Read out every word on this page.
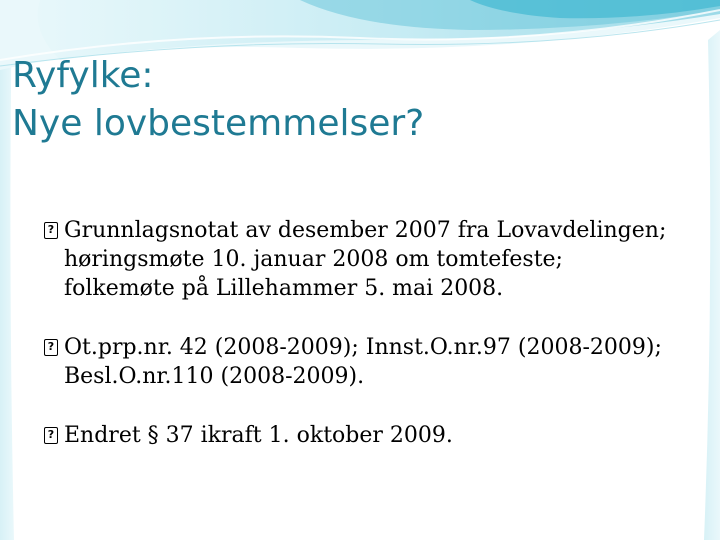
Ryfylke:
Nye lovbestemmelser?
? Grunnlagsnotat av desember 2007 fra Lovavdelingen;
høringsmøte 10. januar 2008 om tomtefeste;
folkemøte på Lillehammer 5. mai 2008.
? Ot.prp.nr. 42 (2008-2009); Innst.O.nr.97 (2008-2009);
Besl.O.nr.110 (2008-2009).
? Endret § 37 ikraft 1. oktober 2009.
